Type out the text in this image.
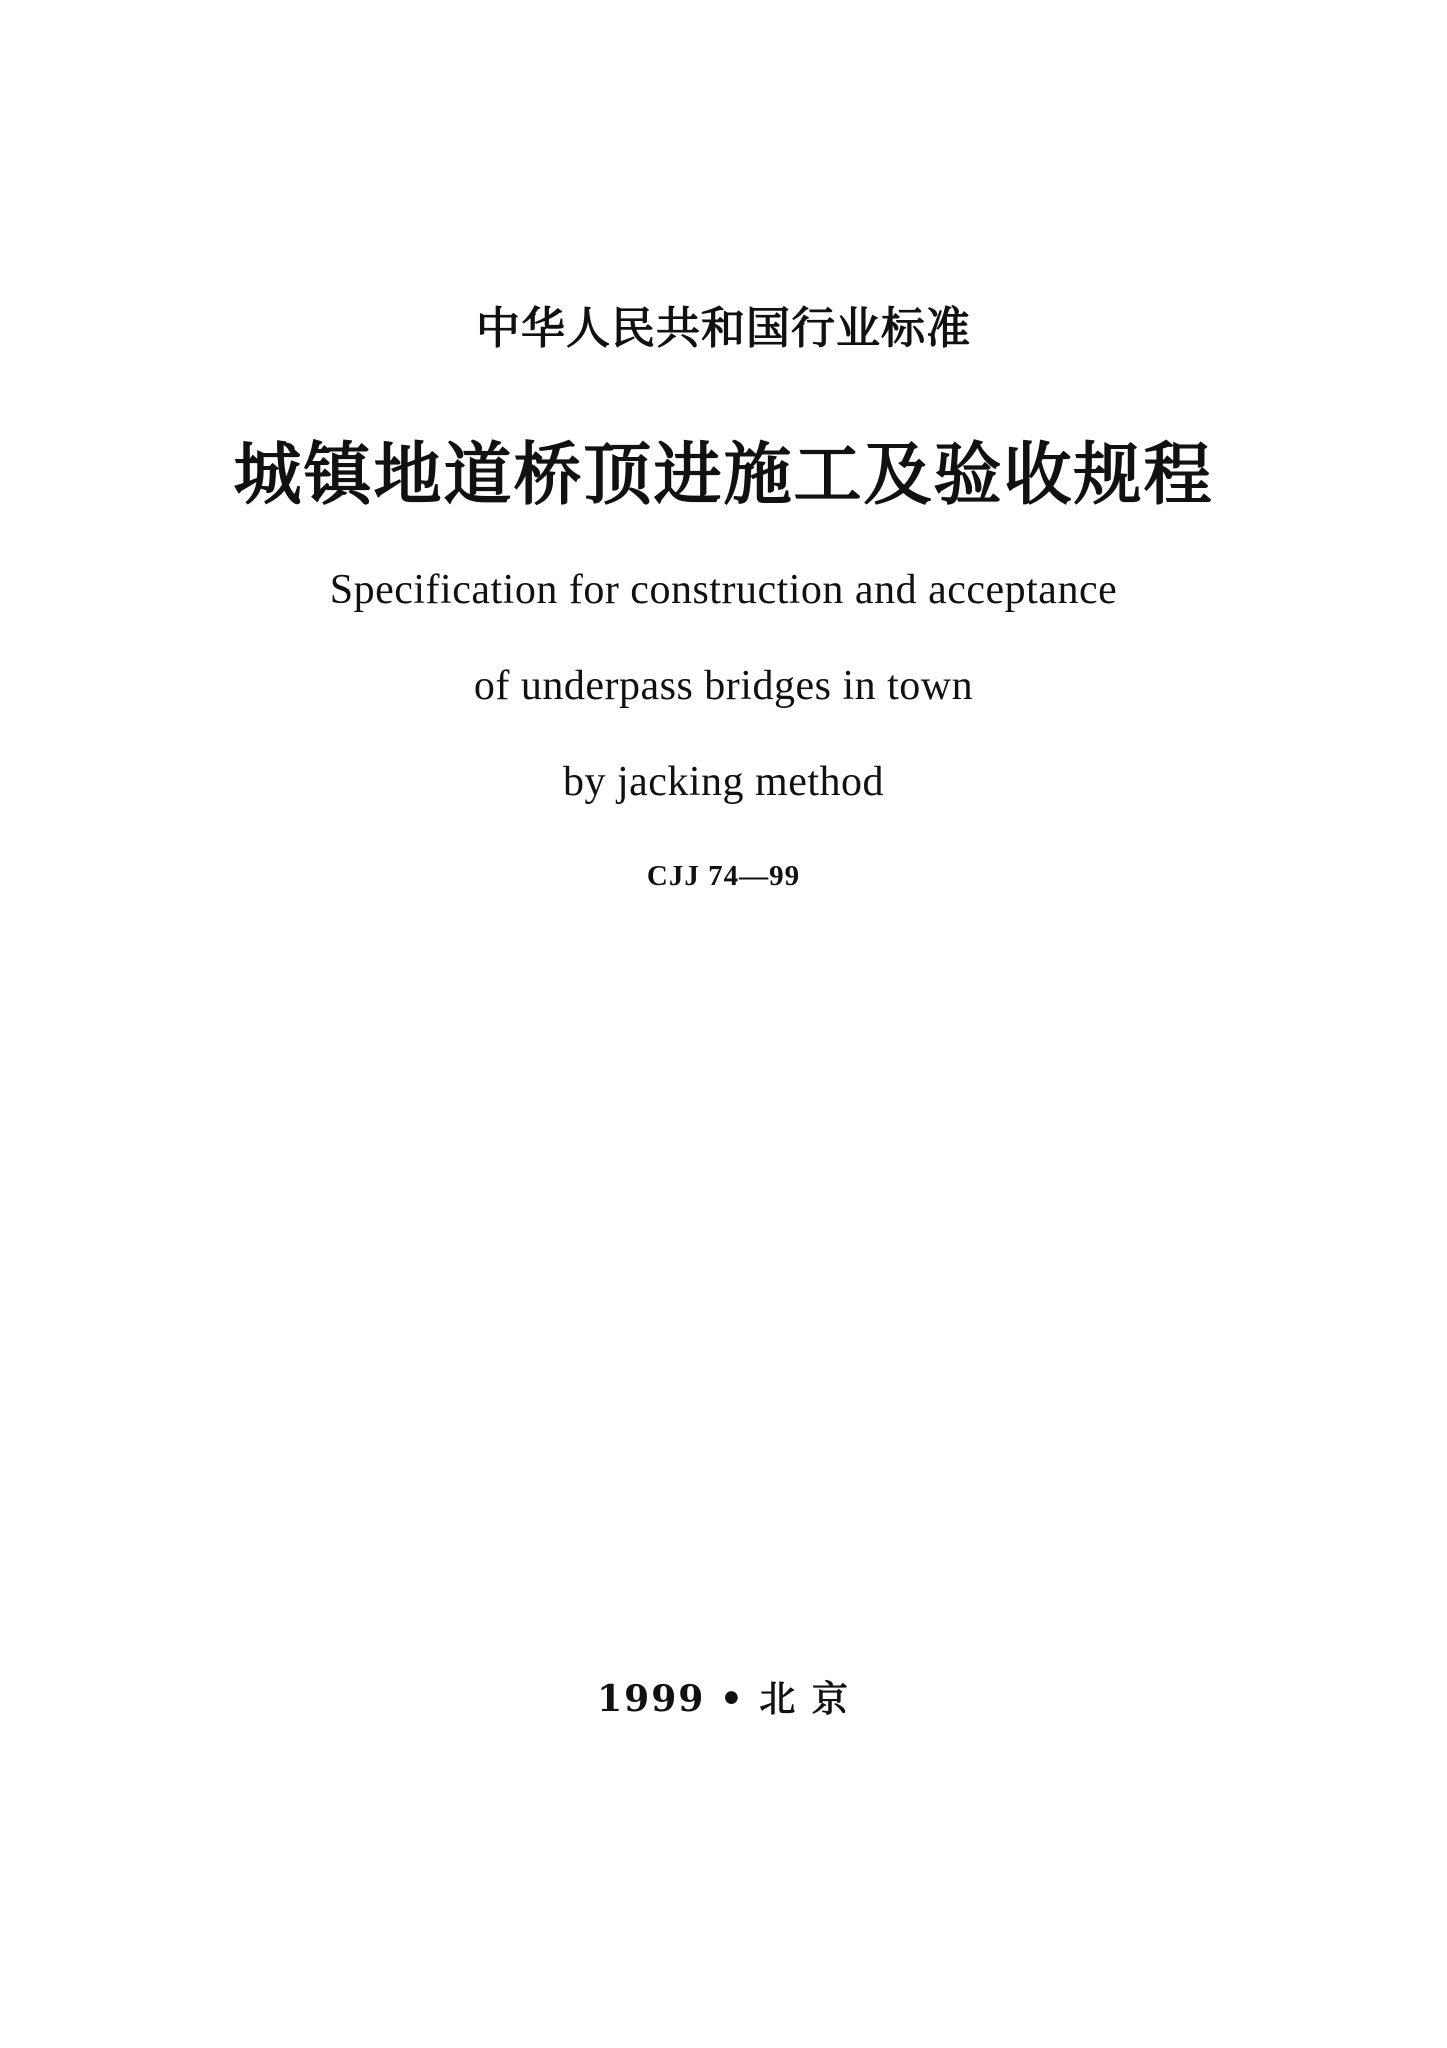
中华人民共和国行业标准
城镇地道桥顶进施工及验收规程
Specification for construction and acceptance
of underpass bridges in town
by jacking method
CJJ 74—99
1999 • 北 京
